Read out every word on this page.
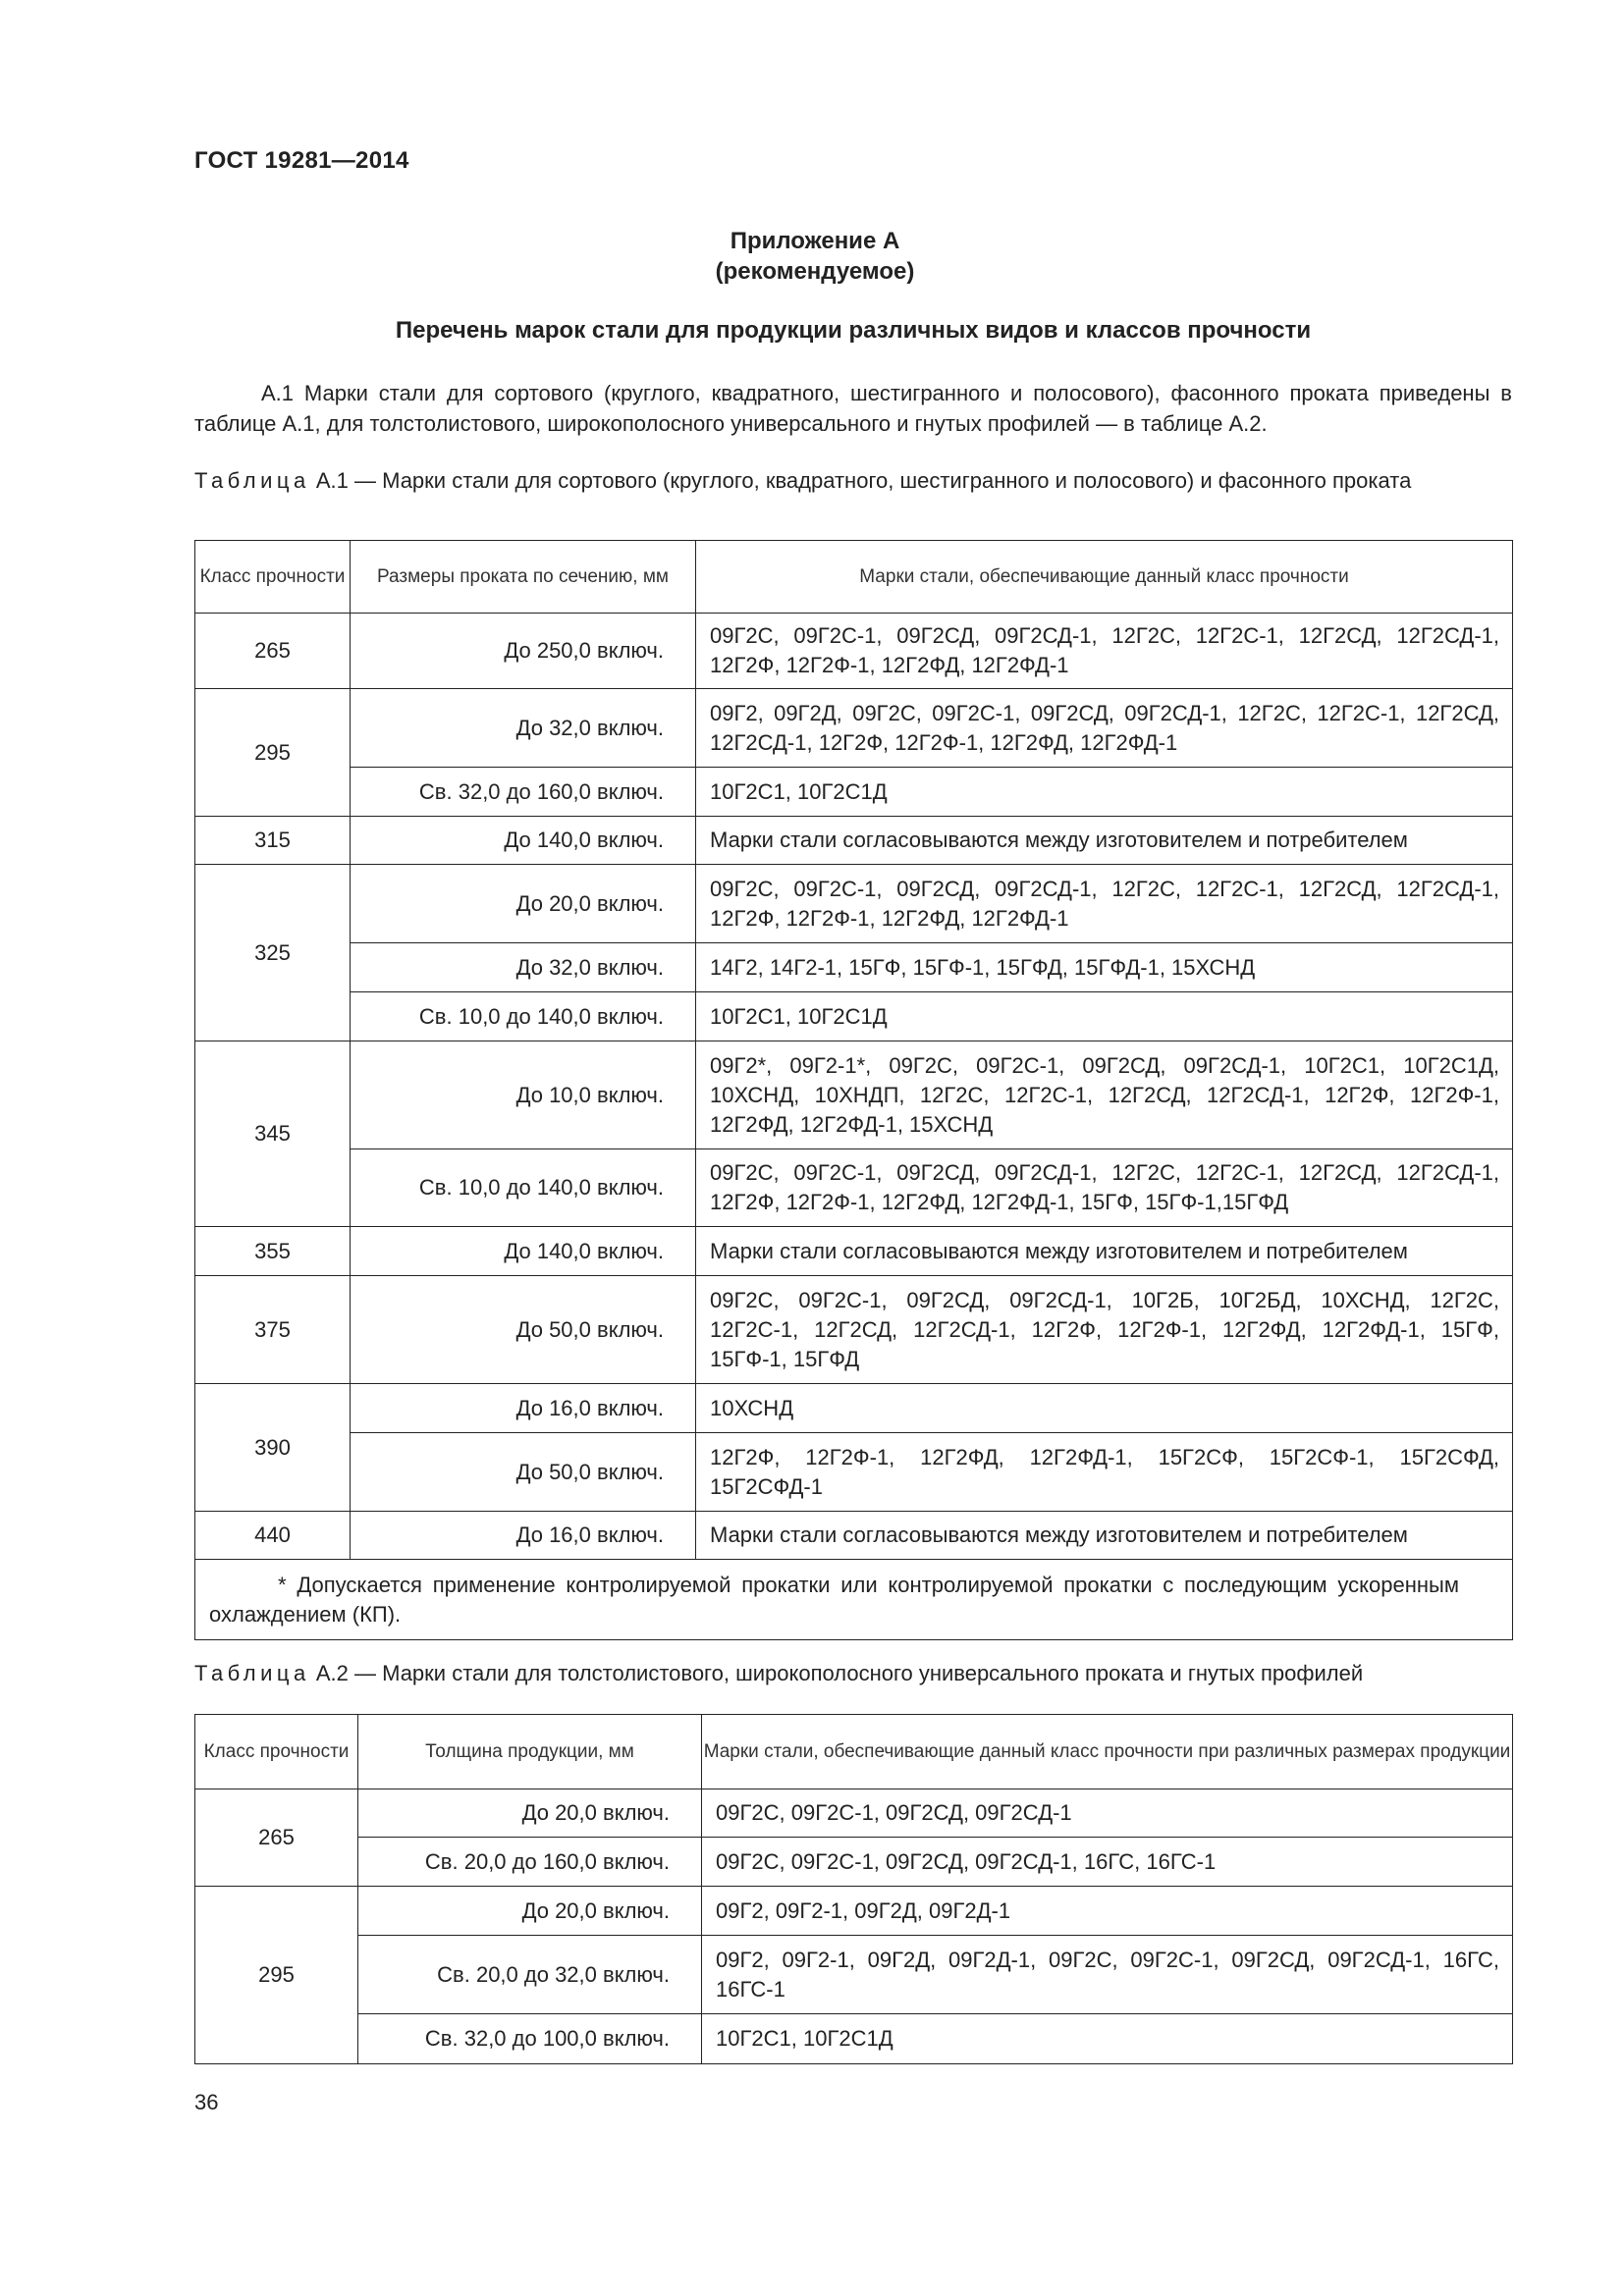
ГОСТ 19281—2014
Приложение А
(рекомендуемое)
Перечень марок стали для продукции различных видов и классов прочности
А.1 Марки стали для сортового (круглого, квадратного, шестигранного и полосового), фасонного проката приведены в таблице А.1, для толстолистового, широкополосного универсального и гнутых профилей — в таблице А.2.
Таблица А.1 — Марки стали для сортового (круглого, квадратного, шестигранного и полосового) и фасонного проката
Класс прочности	Размеры проката по сечению, мм	Марки стали, обеспечивающие данный класс прочности
265	До 250,0 включ.	09Г2С, 09Г2С-1, 09Г2СД, 09Г2СД-1, 12Г2С, 12Г2С-1, 12Г2СД, 12Г2СД-1, 12Г2Ф, 12Г2Ф-1, 12Г2ФД, 12Г2ФД-1
295	До 32,0 включ.	09Г2, 09Г2Д, 09Г2С, 09Г2С-1, 09Г2СД, 09Г2СД-1, 12Г2С, 12Г2С-1, 12Г2СД, 12Г2СД-1, 12Г2Ф, 12Г2Ф-1, 12Г2ФД, 12Г2ФД-1
	Св. 32,0 до 160,0 включ.	10Г2С1, 10Г2С1Д
315	До 140,0 включ.	Марки стали согласовываются между изготовителем и потребителем
325	До 20,0 включ.	09Г2С, 09Г2С-1, 09Г2СД, 09Г2СД-1, 12Г2С, 12Г2С-1, 12Г2СД, 12Г2СД-1, 12Г2Ф, 12Г2Ф-1, 12Г2ФД, 12Г2ФД-1
	До 32,0 включ.	14Г2, 14Г2-1, 15ГФ, 15ГФ-1, 15ГФД, 15ГФД-1, 15ХСНД
	Св. 10,0 до 140,0 включ.	10Г2С1, 10Г2С1Д
345	До 10,0 включ.	09Г2*, 09Г2-1*, 09Г2С, 09Г2С-1, 09Г2СД, 09Г2СД-1, 10Г2С1, 10Г2С1Д, 10ХСНД, 10ХНДП, 12Г2С, 12Г2С-1, 12Г2СД, 12Г2СД-1, 12Г2Ф, 12Г2Ф-1, 12Г2ФД, 12Г2ФД-1, 15ХСНД
	Св. 10,0 до 140,0 включ.	09Г2С, 09Г2С-1, 09Г2СД, 09Г2СД-1, 12Г2С, 12Г2С-1, 12Г2СД, 12Г2СД-1, 12Г2Ф, 12Г2Ф-1, 12Г2ФД, 12Г2ФД-1, 15ГФ, 15ГФ-1,15ГФД
355	До 140,0 включ.	Марки стали согласовываются между изготовителем и потребителем
375	До 50,0 включ.	09Г2С, 09Г2С-1, 09Г2СД, 09Г2СД-1, 10Г2Б, 10Г2БД, 10ХСНД, 12Г2С, 12Г2С-1, 12Г2СД, 12Г2СД-1, 12Г2Ф, 12Г2Ф-1, 12Г2ФД, 12Г2ФД-1, 15ГФ, 15ГФ-1, 15ГФД
390	До 16,0 включ.	10ХСНД
	До 50,0 включ.	12Г2Ф, 12Г2Ф-1, 12Г2ФД, 12Г2ФД-1, 15Г2СФ, 15Г2СФ-1, 15Г2СФД, 15Г2СФД-1
440	До 16,0 включ.	Марки стали согласовываются между изготовителем и потребителем
* Допускается применение контролируемой прокатки или контролируемой прокатки с последующим ускоренным охлаждением (КП).		
Таблица А.2 — Марки стали для толстолистового, широкополосного универсального проката и гнутых профилей
Класс прочности	Толщина продукции, мм	Марки стали, обеспечивающие данный класс прочности при различных размерах продукции
265	До 20,0 включ.	09Г2С, 09Г2С-1, 09Г2СД, 09Г2СД-1
	Св. 20,0 до 160,0 включ.	09Г2С, 09Г2С-1, 09Г2СД, 09Г2СД-1, 16ГС, 16ГС-1
295	До 20,0 включ.	09Г2, 09Г2-1, 09Г2Д, 09Г2Д-1
	Св. 20,0 до 32,0 включ.	09Г2, 09Г2-1, 09Г2Д, 09Г2Д-1, 09Г2С, 09Г2С-1, 09Г2СД, 09Г2СД-1, 16ГС, 16ГС-1
	Св. 32,0 до 100,0 включ.	10Г2С1, 10Г2С1Д
36
